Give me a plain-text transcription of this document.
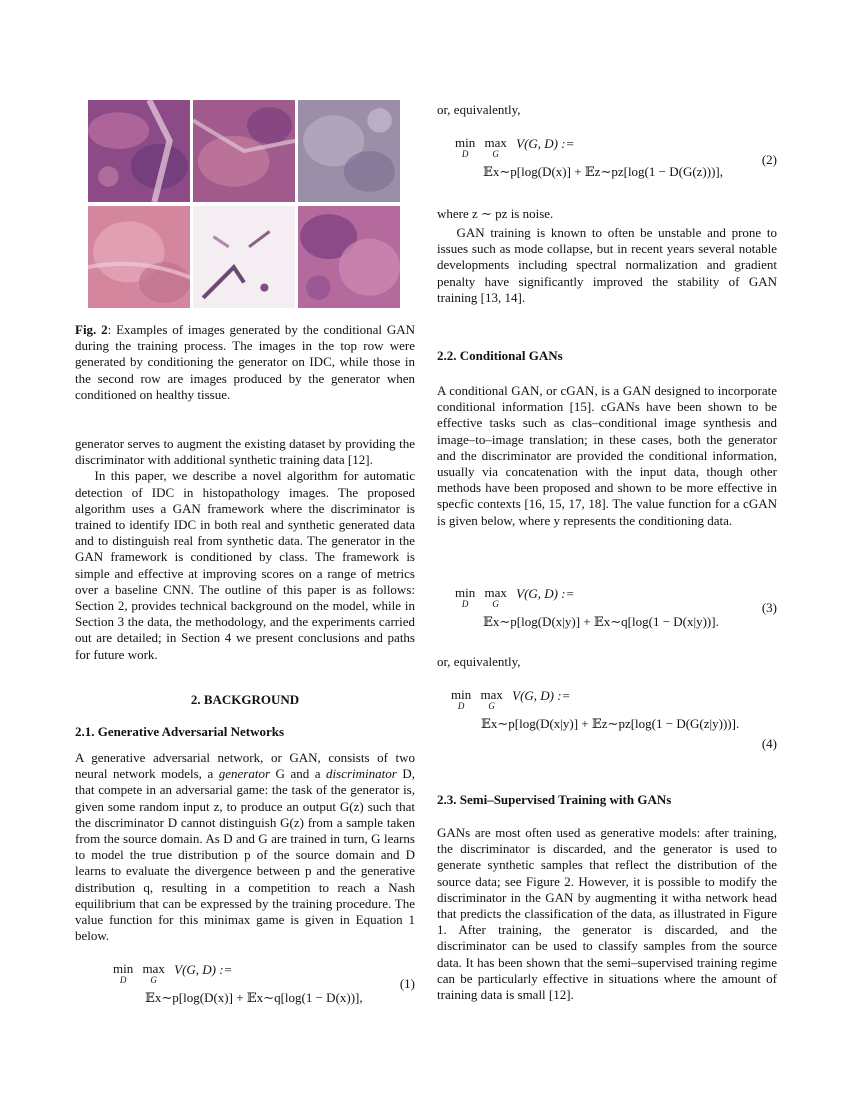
Fig. 2: Examples of images generated by the conditional GAN during the training process. The images in the top row were generated by conditioning the generator on IDC, while those in the second row are images produced by the generator when conditioned on healthy tissue.

generator serves to augment the existing dataset by providing the discriminator with additional synthetic training data [12].

In this paper, we describe a novel algorithm for automatic detection of IDC in histopathology images. The proposed algorithm uses a GAN framework where the discriminator is trained to identify IDC in both real and synthetic generated data and to distinguish real from synthetic data. The generator in the GAN framework is conditioned by class. The framework is simple and effective at improving scores on a range of metrics over a baseline CNN. The outline of this paper is as follows: Section 2, provides technical background on the model, while in Section 3 the data, the methodology, and the experiments carried out are detailed; in Section 4 we present conclusions and paths for future work.

2. BACKGROUND
2.1. Generative Adversarial Networks

A generative adversarial network, or GAN, consists of two neural network models, a generator G and a discriminator D, that compete in an adversarial game: the task of the generator is, given some random input z, to produce an output G(z) such that the discriminator D cannot distinguish G(z) from a sample taken from the source domain. As D and G are trained in turn, G learns to model the true distribution p of the source domain and D learns to evaluate the divergence between p and the generative distribution q, resulting in a competition to reach a Nash equilibrium that can be expressed by the training procedure. The value function for this minimax game is given in Equation 1 below.

min
D
max
G
V(G, D) :=
𝔼x∼p[log(D(x)] + 𝔼x∼q[log(1 − D(x))],
(1)

or, equivalently,

min
D
max
G
V(G, D) :=
𝔼x∼p[log(D(x)] + 𝔼z∼pz[log(1 − D(G(z)))],
(2)

where z ∼ pz is noise.

GAN training is known to often be unstable and prone to issues such as mode collapse, but in recent years several notable developments including spectral normalization and gradient penalty have significantly improved the stability of GAN training [13, 14].

2.2. Conditional GANs

A conditional GAN, or cGAN, is a GAN designed to incorporate conditional information [15]. cGANs have been shown to be effective tasks such as clas–conditional image synthesis and image–to–image translation; in these cases, both the generator and the discriminator are provided the conditional information, usually via concatenation with the input data, though other methods have been proposed and shown to be more effective in specfic contexts [16, 15, 17, 18]. The value function for a cGAN is given below, where y represents the conditioning data.

min
D
max
G
V(G, D) :=
𝔼x∼p[log(D(x|y)] + 𝔼x∼q[log(1 − D(x|y))].
(3)

or, equivalently,

min
D
max
G
V(G, D) :=
𝔼x∼p[log(D(x|y)] + 𝔼z∼pz[log(1 − D(G(z|y)))].
(4)
2.3. Semi–Supervised Training with GANs

GANs are most often used as generative models: after training, the discriminator is discarded, and the generator is used to generate synthetic samples that reflect the distribution of the source data; see Figure 2. However, it is possible to modify the discriminator in the GAN by augmenting it witha network head that predicts the classification of the data, as illustrated in Figure 1. After training, the generator is discarded, and the discriminator can be used to classify samples from the source data. It has been shown that the semi–supervised training regime can be particularly effective in situations where the amount of training data is small [12].
